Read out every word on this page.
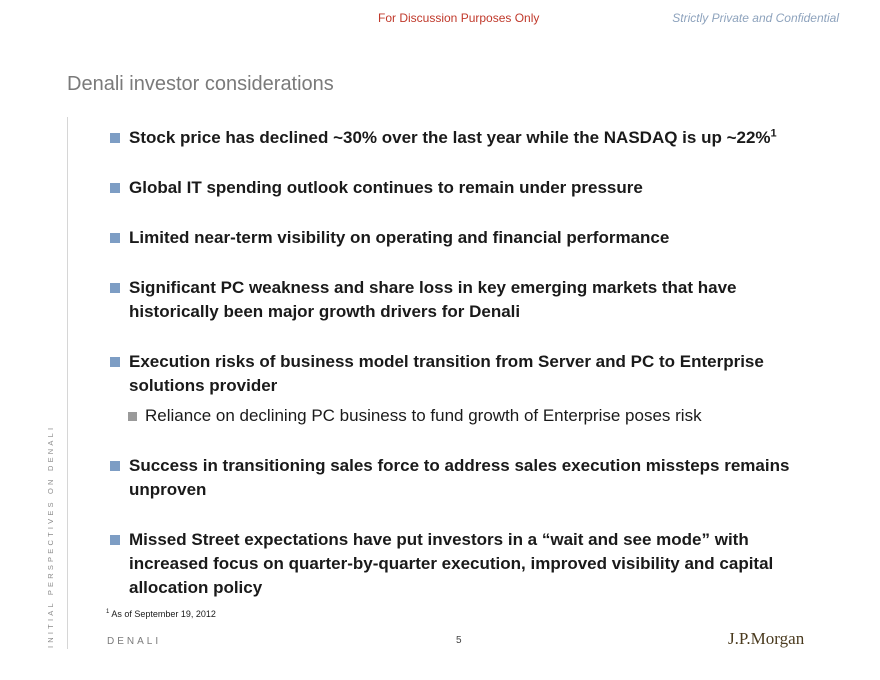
For Discussion Purposes Only	Strictly Private and Confidential
Denali investor considerations
INITIAL PERSPECTIVES ON DENALI
Stock price has declined ~30% over the last year while the NASDAQ is up ~22%$^1$
Global IT spending outlook continues to remain under pressure
Limited near-term visibility on operating and financial performance
Significant PC weakness and share loss in key emerging markets that have historically been major growth drivers for Denali
Execution risks of business model transition from Server and PC to Enterprise solutions provider
Reliance on declining PC business to fund growth of Enterprise poses risk
Success in transitioning sales force to address sales execution missteps remains unproven
Missed Street expectations have put investors in a “wait and see mode” with increased focus on quarter-by-quarter execution, improved visibility and capital allocation policy
$^1$ As of September 19, 2012
DENALI	5	J.P.Morgan
